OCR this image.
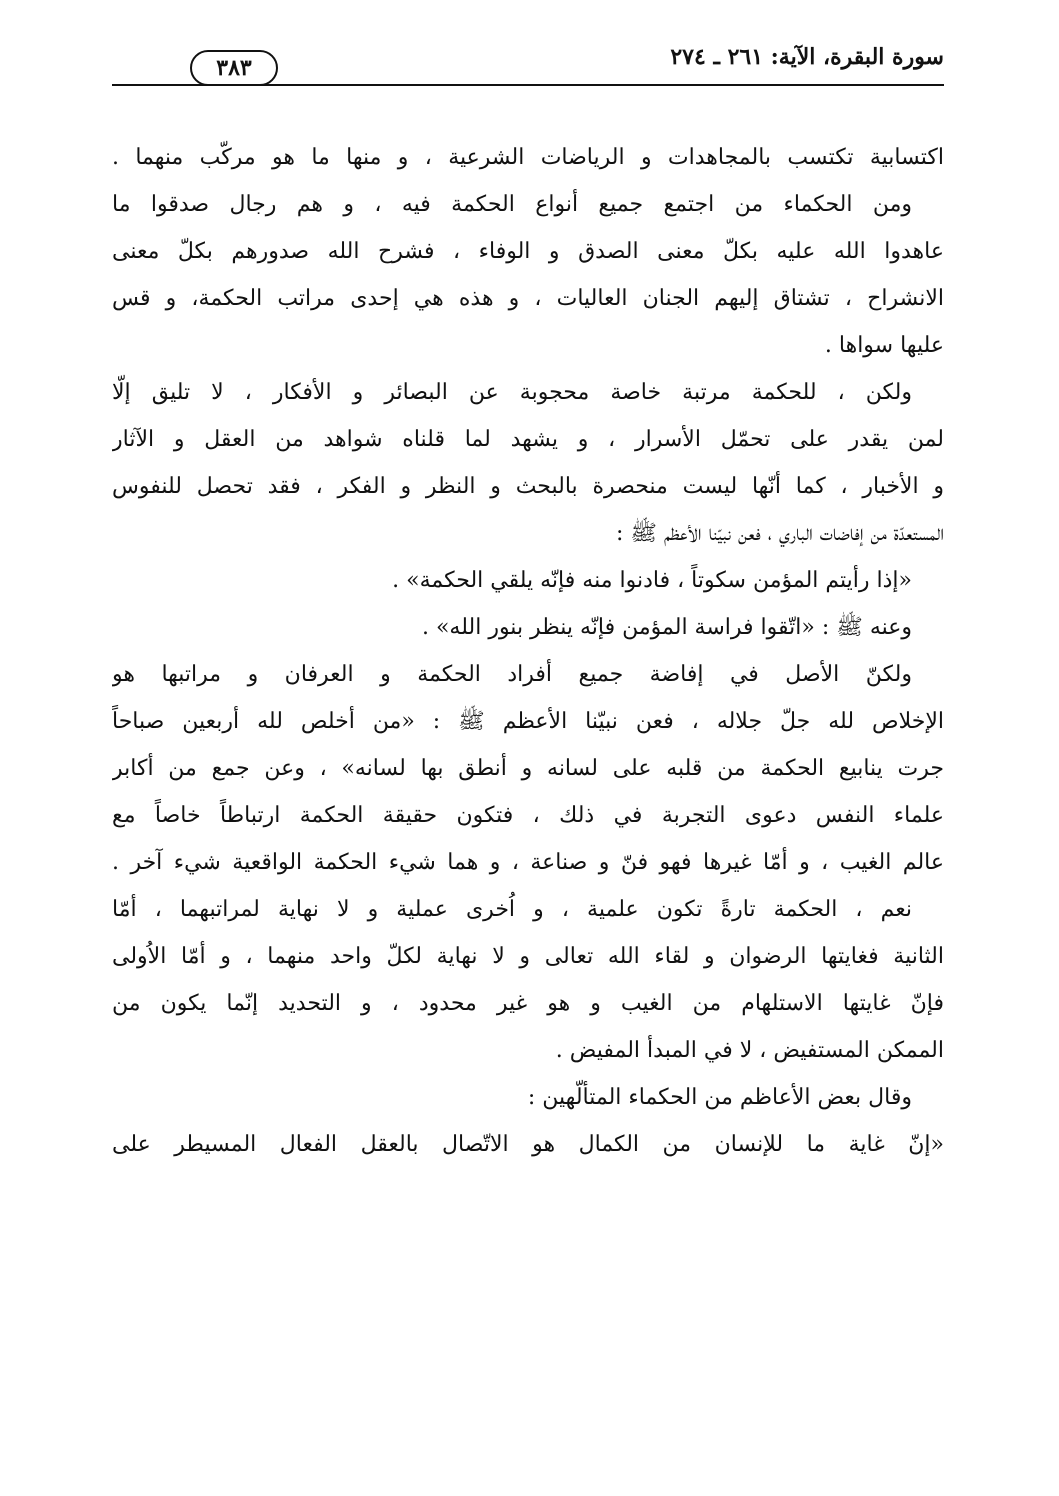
سورة البقرة، الآية: ٢٦١ ـ ٢٧٤
٣٨٣
اكتسابية تكتسب بالمجاهدات و الرياضات الشرعية ، و منها ما هو مركّب منهما .
ومن الحكماء من اجتمع جميع أنواع الحكمة فيه ، و هم رجال صدقوا ما
عاهدوا الله عليه بكلّ معنى الصدق و الوفاء ، فشرح الله صدورهم بكلّ معنى
الانشراح ، تشتاق إليهم الجنان العاليات ، و هذه هي إحدى مراتب الحكمة، و قس
عليها سواها .
ولكن ، للحكمة مرتبة خاصة محجوبة عن البصائر و الأفكار ، لا تليق إلّا
لمن يقدر على تحمّل الأسرار ، و يشهد لما قلناه شواهد من العقل و الآثار
و الأخبار ، كما أنّها ليست منحصرة بالبحث و النظر و الفكر ، فقد تحصل للنفوس
المستعدّة من إفاضات الباري ، فعن نبيّنا الأعظم ﷺ :
«إذا رأيتم المؤمن سكوتاً ، فادنوا منه فإنّه يلقي الحكمة» .
وعنه ﷺ : «اتّقوا فراسة المؤمن فإنّه ينظر بنور الله» .
ولكنّ الأصل في إفاضة جميع أفراد الحكمة و العرفان و مراتبها هو
الإخلاص لله جلّ جلاله ، فعن نبيّنا الأعظم ﷺ : «من أخلص لله أربعين صباحاً
جرت ينابيع الحكمة من قلبه على لسانه و أنطق بها لسانه» ، وعن جمع من أكابر
علماء النفس دعوى التجربة في ذلك ، فتكون حقيقة الحكمة ارتباطاً خاصاً مع
عالم الغيب ، و أمّا غيرها فهو فنّ و صناعة ، و هما شيء الحكمة الواقعية شيء آخر .
نعم ، الحكمة تارةً تكون علمية ، و اُخرى عملية و لا نهاية لمراتبهما ، أمّا
الثانية فغايتها الرضوان و لقاء الله تعالى و لا نهاية لكلّ واحد منهما ، و أمّا الاُولى
فإنّ غايتها الاستلهام من الغيب و هو غير محدود ، و التحديد إنّما يكون من
الممكن المستفيض ، لا في المبدأ المفيض .
وقال بعض الأعاظم من الحكماء المتألّهين :
«إنّ غاية ما للإنسان من الكمال هو الاتّصال بالعقل الفعال المسيطر على
